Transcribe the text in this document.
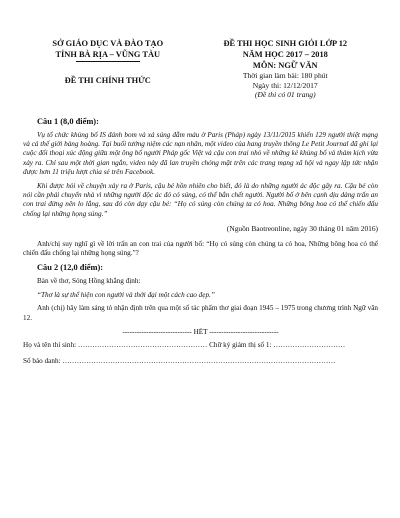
SỞ GIÁO DỤC VÀ ĐÀO TẠO
TỈNH BÀ RỊA – VŨNG TÀU
ĐỀ THI CHÍNH THỨC
ĐỀ THI HỌC SINH GIỎI LỚP 12
NĂM HỌC 2017 – 2018
MÔN: NGỮ VĂN
Thời gian làm bài: 180 phút
Ngày thi: 12/12/2017
(Đề thi có 01 trang)
Câu 1 (8,0 điểm):

Vụ tổ chức khủng bố IS đánh bom và xả súng đẫm máu ở Paris (Pháp) ngày 13/11/2015 khiến 129 người thiệt mạng và cả thế giới bàng hoàng. Tại buổi tưởng niệm các nạn nhân, một video của hang truyền thông Le Petit Journal đã ghi lại cuộc đối thoại xúc động giữa một ông bố người Pháp gốc Việt và cậu con trai nhỏ về những kẻ khủng bố và thảm kịch vừa xảy ra. Chỉ sau một thời gian ngắn, video này đã lan truyền chóng mặt trên các trang mạng xã hội và ngay lập tức nhận được hơn 11 triệu lượt chia sẻ trên Facebook.

Khi được hỏi về chuyện xảy ra ở Paris, cậu bé hồn nhiên cho biết, đó là do những người ác độc gây ra. Cậu bé còn nói cần phải chuyển nhà vì những người độc ác đó có súng, có thể bắn chết người. Người bố ở bên cạnh dịu dàng trấn an con trai đừng nên lo lắng, sau đó còn dạy cậu bé: “Họ có súng còn chúng ta có hoa. Những bông hoa có thể chiến đấu chống lại những họng súng.”

(Nguồn Baotreonline, ngày 30 tháng 01 năm 2016)

Anh/chị suy nghĩ gì về lời trấn an con trai của người bố: “Họ có súng còn chúng ta có hoa, Những bông hoa có thể chiến đấu chống lại những họng súng.”?

Câu 2 (12,0 điểm):

Bàn về thơ, Sóng Hồng khẳng định:

“Thơ là sự thể hiện con người và thời đại một cách cao đẹp.”

Anh (chị) hãy làm sáng tỏ nhận định trên qua một số tác phẩm thơ giai đoạn 1945 – 1975 trong chương trình Ngữ văn 12.

----------------------------- HẾT -----------------------------
Họ và tên thí sinh: ……………………………………………… Chữ ký giám thị số 1: …………………………
Số báo danh: ……………………………………………………………………………………………………
